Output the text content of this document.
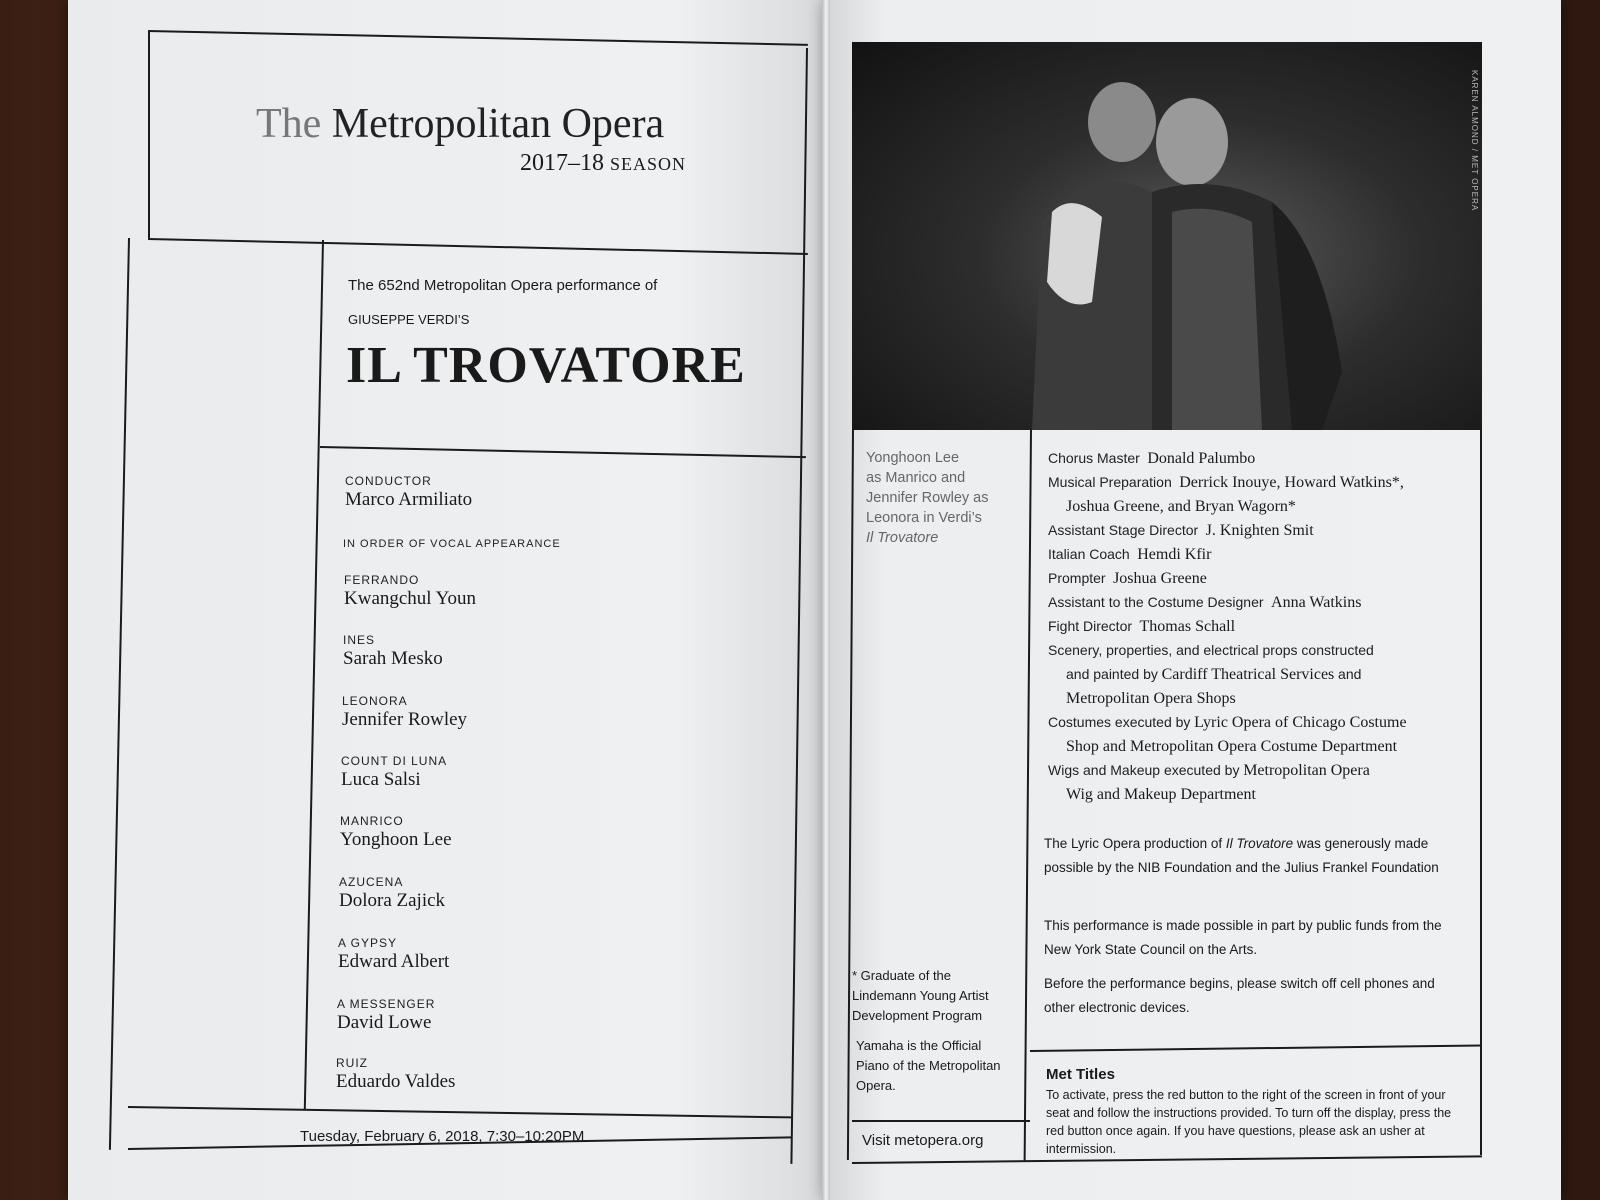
The Metropolitan Opera
2017–18 SEASON
The 652nd Metropolitan Opera performance of
GIUSEPPE VERDI’S
IL TROVATORE
CONDUCTOR
Marco Armiliato
IN ORDER OF VOCAL APPEARANCE
FERRANDO
Kwangchul Youn
INES
Sarah Mesko
LEONORA
Jennifer Rowley
COUNT DI LUNA
Luca Salsi
MANRICO
Yonghoon Lee
AZUCENA
Dolora Zajick
A GYPSY
Edward Albert
A MESSENGER
David Lowe
RUIZ
Eduardo Valdes
Tuesday, February 6, 2018, 7:30–10:20PM
KAREN ALMOND / MET OPERA
Yonghoon Lee
as Manrico and
Jennifer Rowley as
Leonora in Verdi’s
Il Trovatore
Chorus Master Donald Palumbo
Musical Preparation Derrick Inouye, Howard Watkins*,
Joshua Greene, and Bryan Wagorn*
Assistant Stage Director J. Knighten Smit
Italian Coach Hemdi Kfir
Prompter Joshua Greene
Assistant to the Costume Designer Anna Watkins
Fight Director Thomas Schall
Scenery, properties, and electrical props constructed
and painted by Cardiff Theatrical Services and
Metropolitan Opera Shops
Costumes executed by Lyric Opera of Chicago Costume
Shop and Metropolitan Opera Costume Department
Wigs and Makeup executed by Metropolitan Opera
Wig and Makeup Department
The Lyric Opera production of Il Trovatore was generously made possible by the NIB Foundation and the Julius Frankel Foundation
This performance is made possible in part by public funds from the New York State Council on the Arts.
Before the performance begins, please switch off cell phones and other electronic devices.
* Graduate of the Lindemann Young Artist Development Program
Yamaha is the Official Piano of the Metropolitan Opera.
Visit metopera.org
Met Titles
To activate, press the red button to the right of the screen in front of your seat and follow the instructions provided. To turn off the display, press the red button once again. If you have questions, please ask an usher at intermission.
